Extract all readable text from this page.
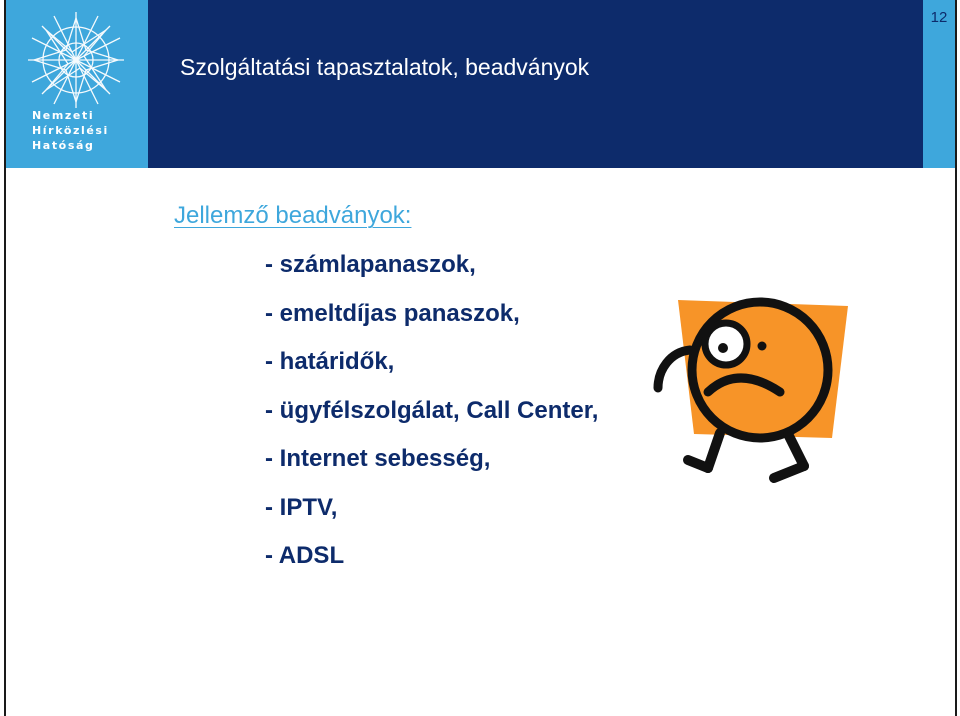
Nemzeti
Hírközlési
Hatóság
Szolgáltatási tapasztalatok, beadványok
12
Jellemző beadványok:
- számlapanaszok,
- emeltdíjas panaszok,
- határidők,
- ügyfélszolgálat, Call Center,
- Internet sebesség,
- IPTV,
- ADSL
